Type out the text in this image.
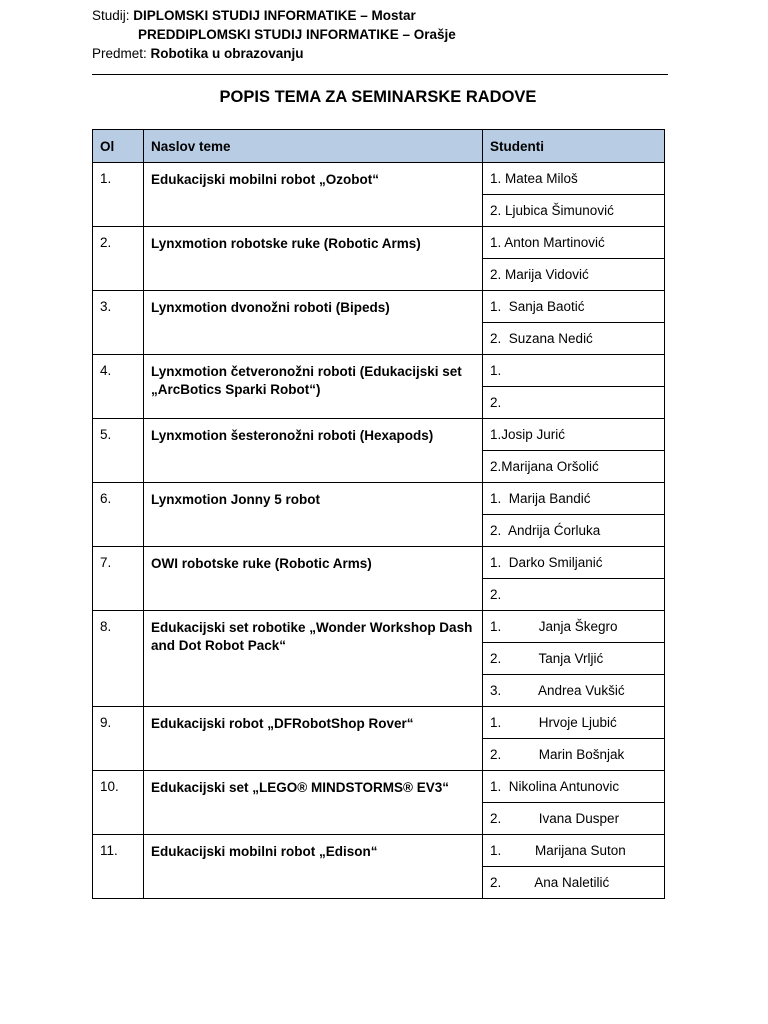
Studij: DIPLOMSKI STUDIJ INFORMATIKE – Mostar
PREDDIPLOMSKI STUDIJ INFORMATIKE – Orašje
Predmet: Robotika u obrazovanju
POPIS TEMA ZA SEMINARSKE RADOVE
Ol	Naslov teme	Studenti
1.	Edukacijski mobilni robot „Ozobot“	1. Matea Miloš
		2. Ljubica Šimunović
2.	Lynxmotion robotske ruke (Robotic Arms)	1. Anton Martinović
		2. Marija Vidović
3.	Lynxmotion dvonožni roboti (Bipeds)	1.  Sanja Baotić
		2.  Suzana Nedić
4.	Lynxmotion četveronožni roboti (Edukacijski set „ArcBotics Sparki Robot“)	1.
		2.
5.	Lynxmotion šesteronožni roboti (Hexapods)	1.Josip Jurić
		2.Marijana Oršolić
6.	Lynxmotion Jonny 5 robot	1.  Marija Bandić
		2.  Andrija Ćorluka
7.	OWI robotske ruke (Robotic Arms)	1.  Darko Smiljanić
		2.
8.	Edukacijski set robotike „Wonder Workshop Dash and Dot Robot Pack“	1.          Janja Škegro
		2.          Tanja Vrljić
		3.          Andrea Vukšić
9.	Edukacijski robot „DFRobotShop Rover“	1.          Hrvoje Ljubić
		2.          Marin Bošnjak
10.	Edukacijski set „LEGO® MINDSTORMS® EV3“	1.  Nikolina Antunovic
		2.          Ivana Dusper
11.	Edukacijski mobilni robot „Edison“	1.         Marijana Suton
		2.         Ana Naletilić
